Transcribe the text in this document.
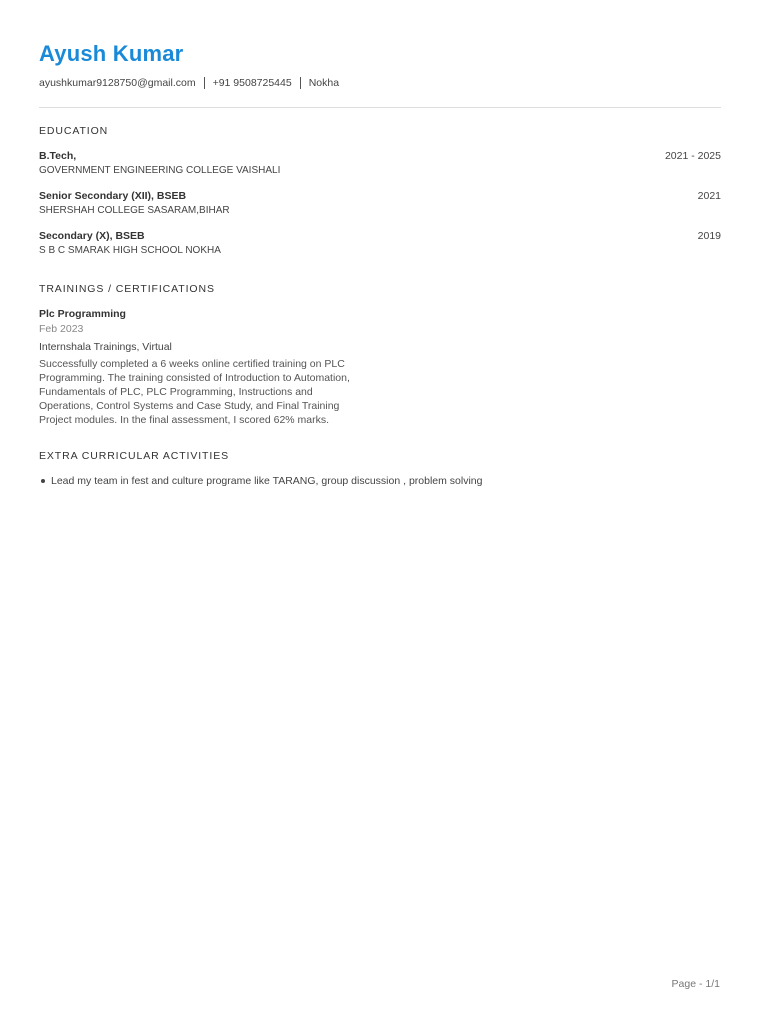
Ayush Kumar
ayushkumar9128750@gmail.com +91 9508725445 Nokha
EDUCATION
B.Tech,
GOVERNMENT ENGINEERING COLLEGE VAISHALI
2021 - 2025
Senior Secondary (XII), BSEB
SHERSHAH COLLEGE SASARAM,BIHAR
2021
Secondary (X), BSEB
S B C SMARAK HIGH SCHOOL NOKHA
2019
TRAININGS / CERTIFICATIONS
Plc Programming
Feb 2023
Internshala Trainings, Virtual
Successfully completed a 6 weeks online certified training on PLC Programming. The training consisted of Introduction to Automation, Fundamentals of PLC, PLC Programming, Instructions and Operations, Control Systems and Case Study, and Final Training Project modules. In the final assessment, I scored 62% marks.
EXTRA CURRICULAR ACTIVITIES
Lead my team in fest and culture programe like TARANG, group discussion , problem solving
Page - 1/1
